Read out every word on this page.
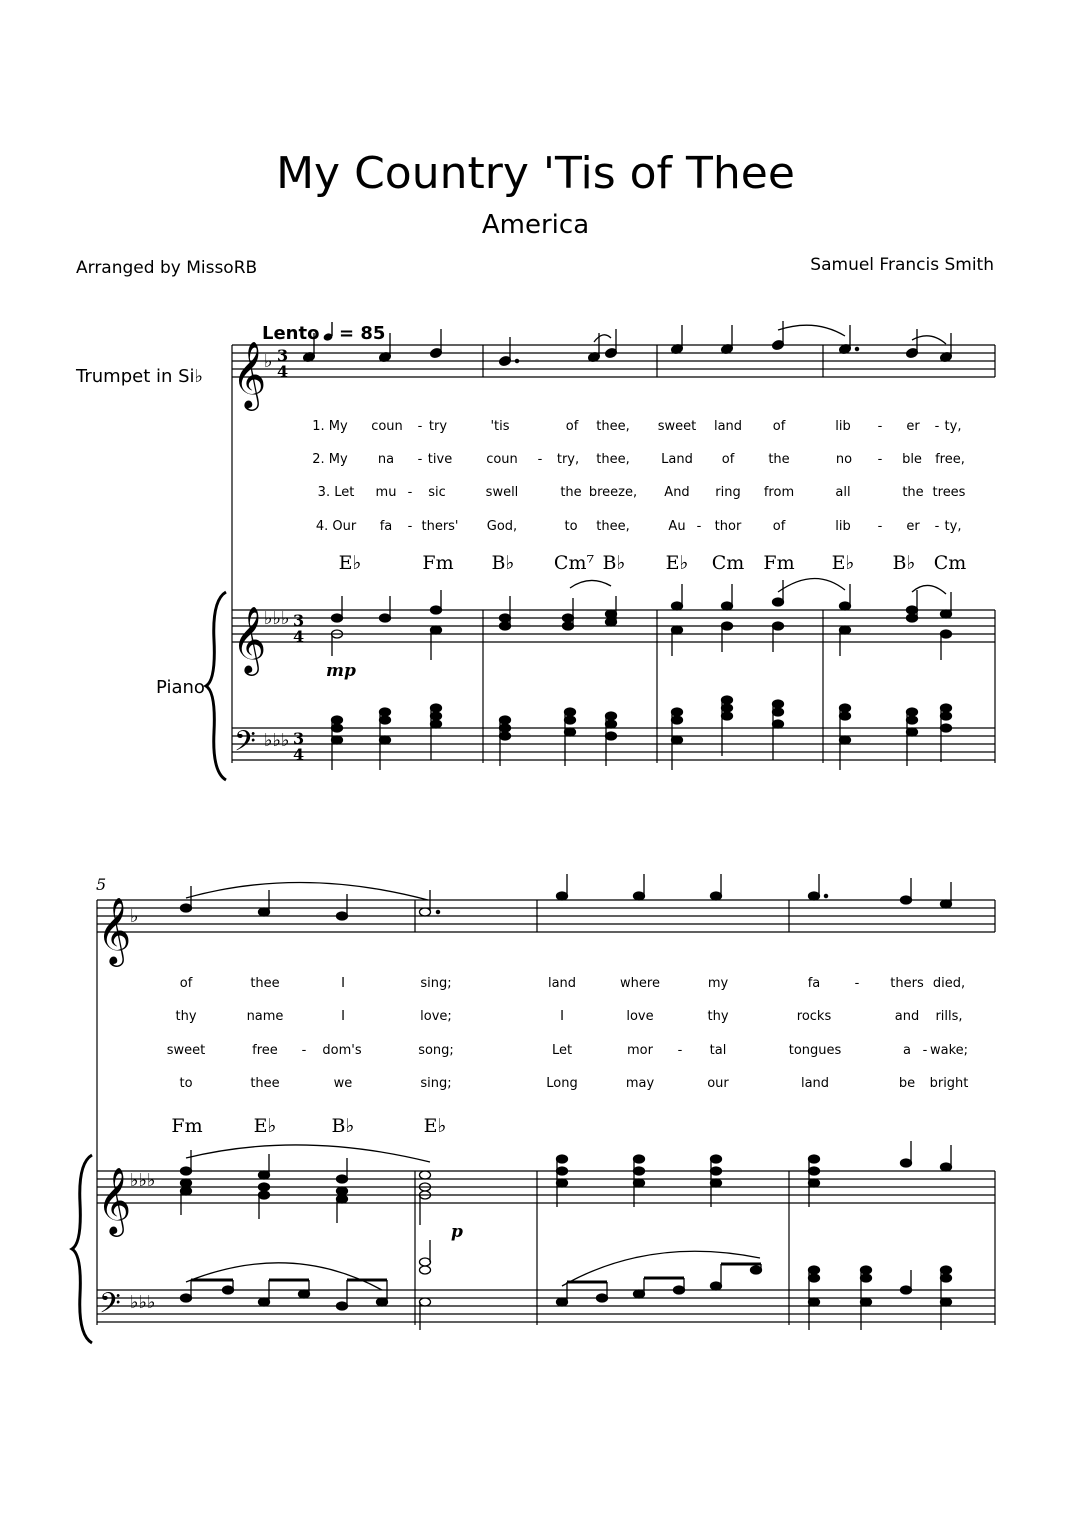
My Country 'Tis of Thee
America
Arranged by MissoRB	Samuel Francis Smith
Lento = 85
Trumpet in Si♭
Piano
𝄞
♭ 3
4
1. My coun - try	'tis	of thee, sweet land of	lib - er - ty,
2. My na - tive	coun - try, thee, Land of	the	no - ble free,
3. Let mu - sic	swell	the breeze, And ring from	all	the trees
4. Our fa - thers' God,	to thee,	Au - thor of	lib - er - ty,
E♭	Fm B♭ Cm⁷ B♭ E♭ Cm Fm E♭ B♭ Cm
𝄞
♭♭♭ 3
4
mp
𝄢 ♭♭♭ 3
4
5
𝄞
♭
of	thee	I	sing;	land	where	my	fa	- thers died,
thy	name	I	love;	I	love	thy	rocks	and rills,
sweet	free - dom's	song;	Let	mor - tal	tongues	a - wake;
to	thee	we	sing;	Long	may	our	land	be bright
Fm	E♭	B♭	E♭
𝄞
♭♭♭
p
𝄢 ♭♭♭
